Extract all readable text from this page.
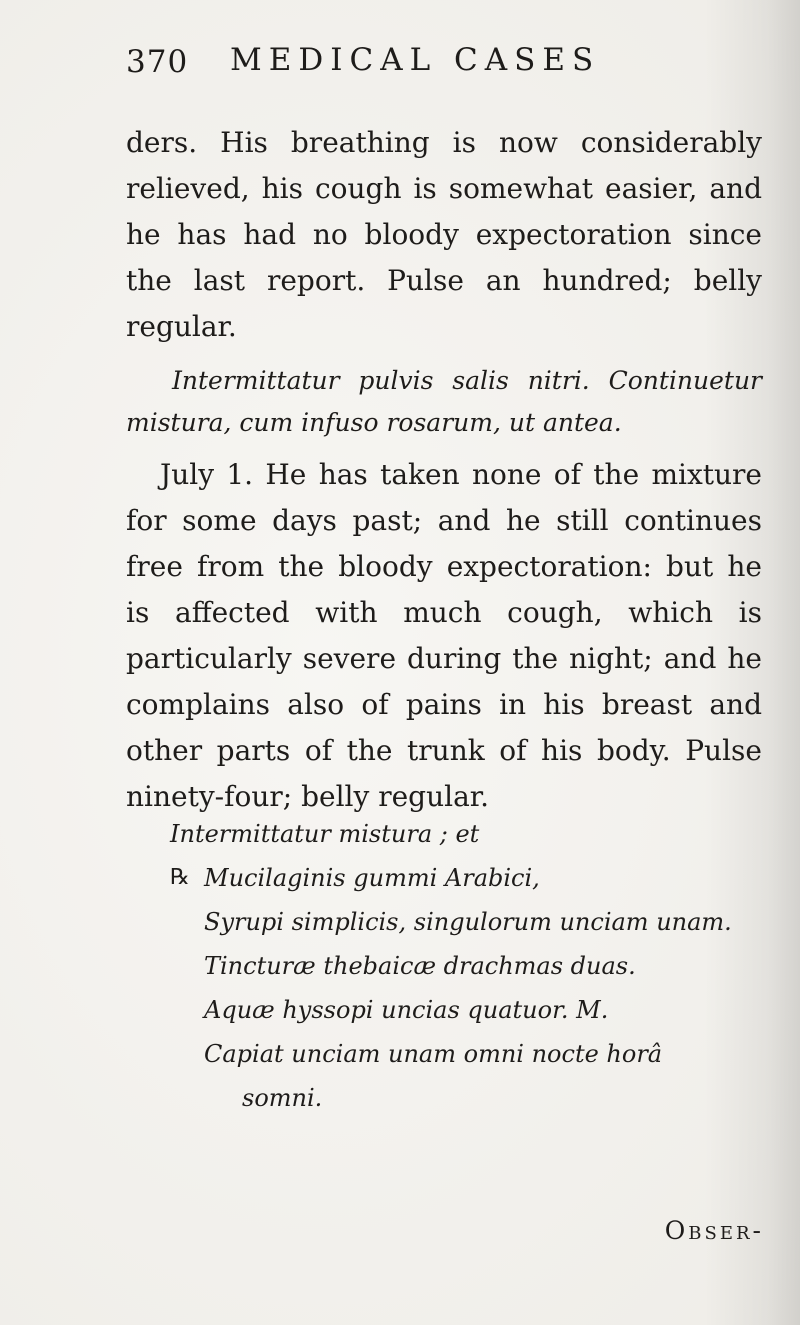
370 MEDICAL CASES

ders. His breathing is now considerably relieved, his cough is somewhat easier, and he has had no bloody expectoration since the last report. Pulse an hundred; belly regular.

Intermittatur pulvis salis nitri. Continuetur mistura, cum infuso rosarum, ut antea.

July 1. He has taken none of the mixture for some days past; and he still continues free from the bloody expectoration: but he is affected with much cough, which is particularly severe during the night; and he complains also of pains in his breast and other parts of the trunk of his body. Pulse ninety-four; belly regular.

Intermittatur mistura ; et
℞ Mucilaginis gummi Arabici,
Syrupi simplicis, singulorum unciam unam.
Tincturæ thebaicæ drachmas duas.
Aquæ hyssopi uncias quatuor. M.
Capiat unciam unam omni nocte horâ
somni.
Obser-
